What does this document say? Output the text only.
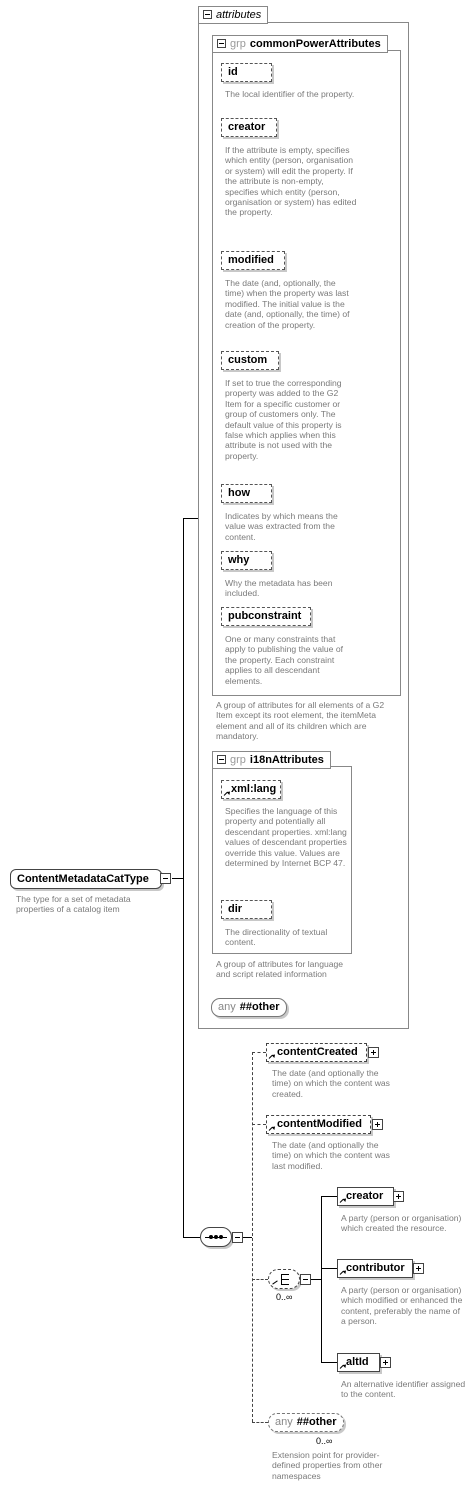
ContentMetadataCatType
The type for a set of metadata properties of a catalog item
attributes
grp commonPowerAttributes
id
The local identifier of the property.
creator
If the attribute is empty, specifies which entity (person, organisation or system) will edit the property. If the attribute is non-empty, specifies which entity (person, organisation or system) has edited the property.
modified
The date (and, optionally, the time) when the property was last modified. The initial value is the date (and, optionally, the time) of creation of the property.
custom
If set to true the corresponding property was added to the G2 Item for a specific customer or group of customers only. The default value of this property is false which applies when this attribute is not used with the property.
how
Indicates by which means the value was extracted from the content.
why
Why the metadata has been included.
pubconstraint
One or many constraints that apply to publishing the value of the property. Each constraint applies to all descendant elements.
A group of attributes for all elements of a G2 Item except its root element, the itemMeta element and all of its children which are mandatory.
grp i18nAttributes
xml:lang
Specifies the language of this property and potentially all descendant properties. xml:lang values of descendant properties override this value. Values are determined by Internet BCP 47.
dir
The directionality of textual content.
A group of attributes for language and script related information
any ##other
contentCreated
The date (and optionally the time) on which the content was created.
contentModified
The date (and optionally the time) on which the content was last modified.
0..∞
creator
A party (person or organisation) which created the resource.
contributor
A party (person or organisation) which modified or enhanced the content, preferably the name of a person.
altId
An alternative identifier assigned to the content.
any ##other
0..∞
Extension point for provider-defined properties from other namespaces
